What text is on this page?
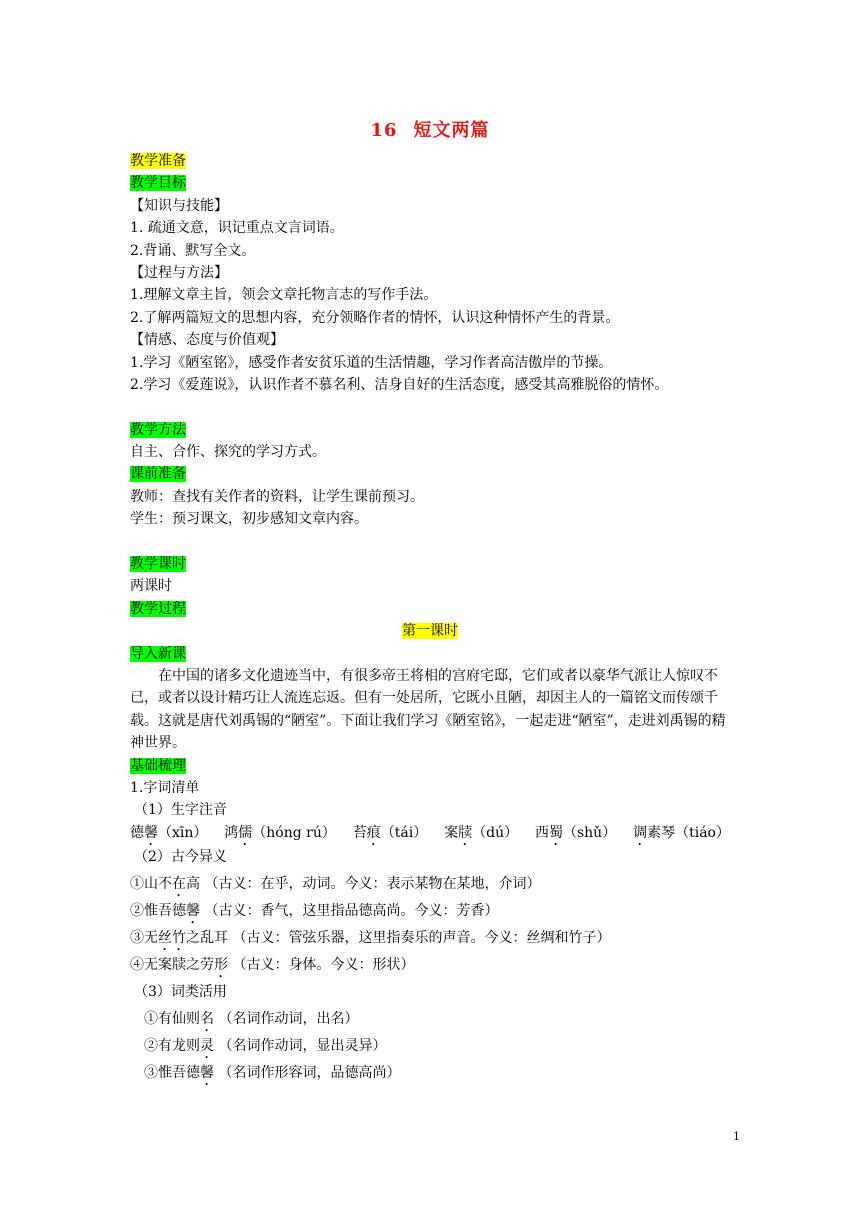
16 短文两篇
教学准备
教学目标
【知识与技能】
1. 疏通文意，识记重点文言词语。
2.背诵、默写全文。
【过程与方法】
1.理解文章主旨，领会文章托物言志的写作手法。
2.了解两篇短文的思想内容，充分领略作者的情怀，认识这种情怀产生的背景。
【情感、态度与价值观】
1.学习《陋室铭》，感受作者安贫乐道的生活情趣，学习作者高洁傲岸的节操。
2.学习《爱莲说》，认识作者不慕名利、洁身自好的生活态度，感受其高雅脱俗的情怀。
教学方法
自主、合作、探究的学习方式。
课前准备
教师：查找有关作者的资料，让学生课前预习。
学生：预习课文，初步感知文章内容。
教学课时
两课时
教学过程
第一课时
导入新课

在中国的诸多文化遗迹当中，有很多帝王将相的宫府宅邸，它们或者以豪华气派让人惊叹不已，或者以设计精巧让人流连忘返。但有一处居所，它既小且陋，却因主人的一篇铭文而传颂千载。这就是唐代刘禹锡的“陋室”。下面让我们学习《陋室铭》，一起走进“陋室”，走进刘禹锡的精神世界。

基础梳理
1.字词清单
（1）生字注音
德馨（xīn） 鸿儒（hóng rú） 苔痕（tái） 案牍（dú） 西蜀（shǔ） 调素琴（tiáo）
（2）古今异义
①山不在高 （古义：在乎，动词。今义：表示某物在某地，介词）
②惟吾德馨 （古义：香气，这里指品德高尚。今义：芳香）
③无丝竹之乱耳 （古义：管弦乐器，这里指奏乐的声音。今义：丝绸和竹子）
④无案牍之劳形 （古义：身体。今义：形状）
（3）词类活用
①有仙则名 （名词作动词，出名）
②有龙则灵 （名词作动词，显出灵异）
③惟吾德馨 （名词作形容词，品德高尚）
1
